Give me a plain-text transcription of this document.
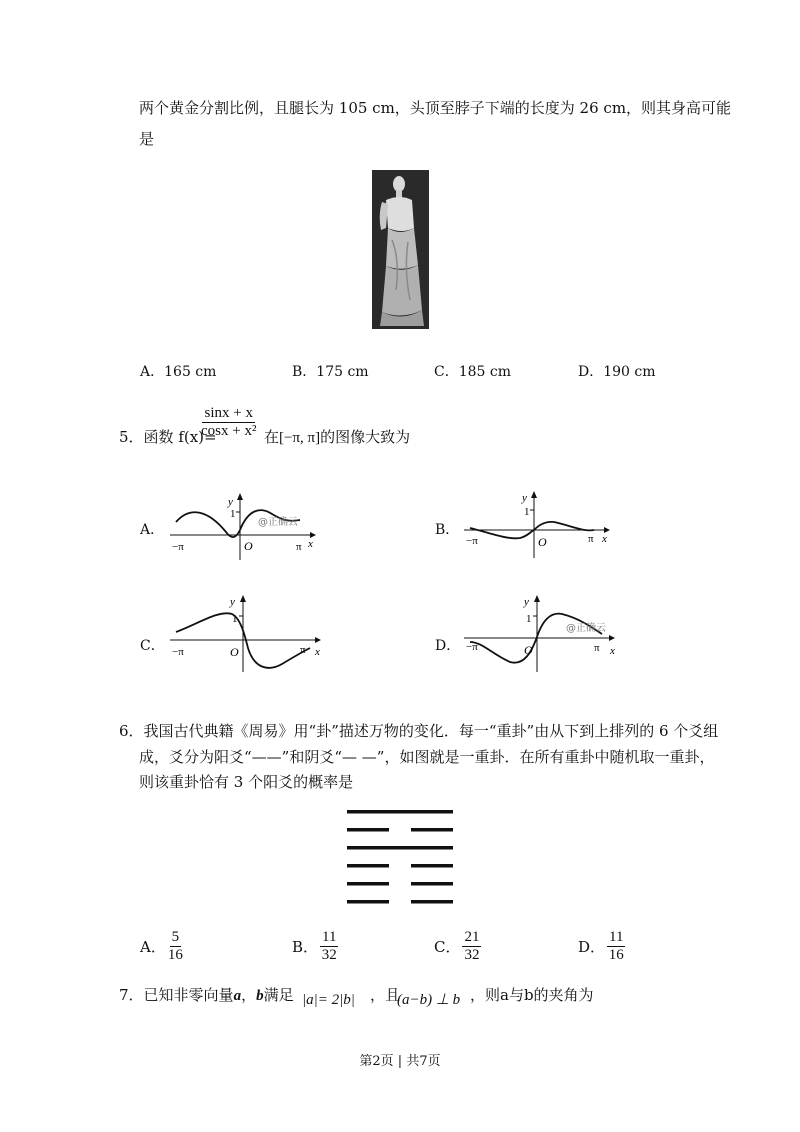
两个黄金分割比例，且腿长为 105 cm，头顶至脖子下端的长度为 26 cm，则其身高可能
是
A．165 cm	B．175 cm	C．185 cm	D．190 cm
5．函数 f(x)=
$\frac{\sin x + x}{\text{cosx + x²}}$ 在[−π, π]的图像大致为
A．	B．
C．	D．
y
1
O
−π	π x
@正确云
y
1
O
−π	π x
y
1
O
−π	π x
y
1
O
−π	π x
@正确云
6．我国古代典籍《周易》用“卦”描述万物的变化．每一“重卦”由从下到上排列的 6 个爻组
成，爻分为阳爻“——”和阴爻“— —”，如图就是一重卦．在所有重卦中随机取一重卦，
则该重卦恰有 3 个阳爻的概率是
A． $\frac{5}{16}$	B． $\frac{11}{32}$	C． $\frac{21}{32}$	D． $\frac{11}{16}$
7．已知非零向量a，b满足 |a|= 2|b| ，且
(a−b) ⊥ b ，则a与b的夹角为
第2页 | 共7页
